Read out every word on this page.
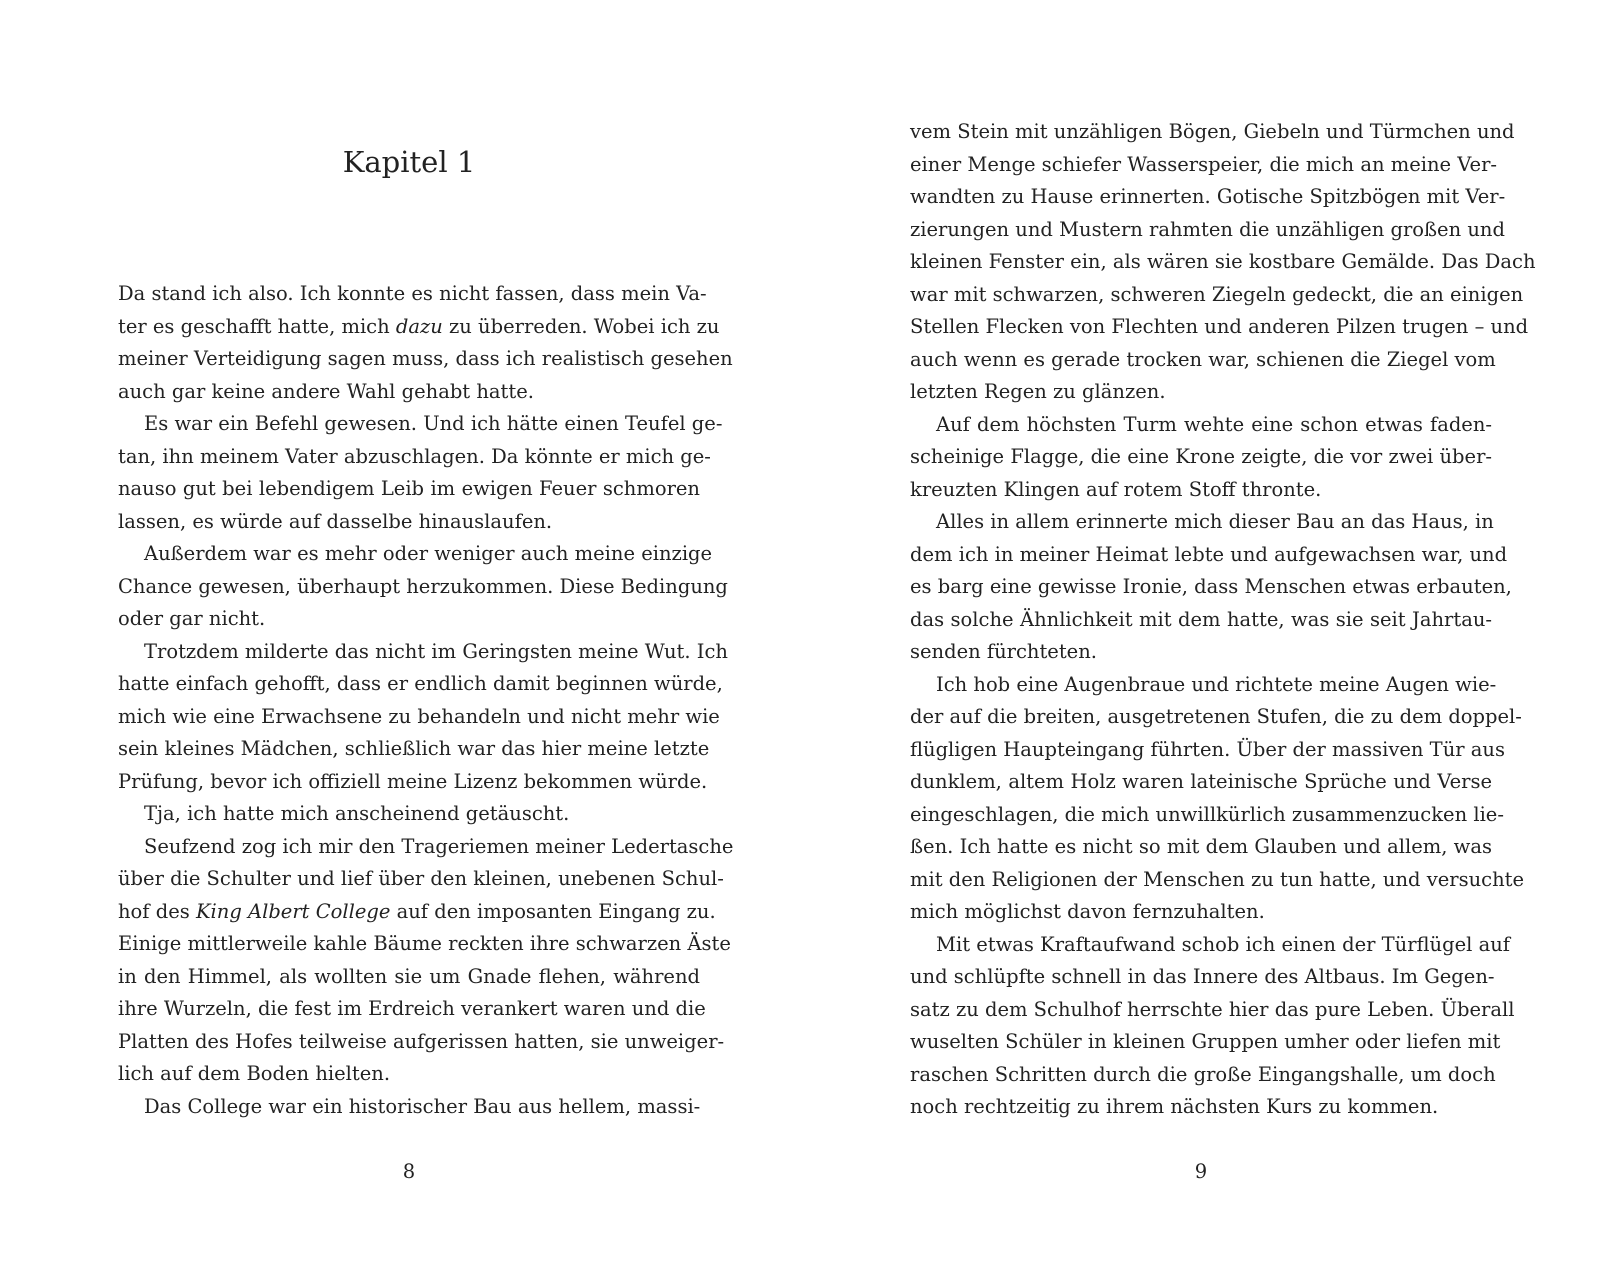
Kapitel 1
Da stand ich also. Ich konnte es nicht fassen, dass mein Va-
ter es geschafft hatte, mich dazu zu überreden. Wobei ich zu
meiner Verteidigung sagen muss, dass ich realistisch gesehen
auch gar keine andere Wahl gehabt hatte.
Es war ein Befehl gewesen. Und ich hätte einen Teufel ge-
tan, ihn meinem Vater abzuschlagen. Da könnte er mich ge-
nauso gut bei lebendigem Leib im ewigen Feuer schmoren
lassen, es würde auf dasselbe hinauslaufen.
Außerdem war es mehr oder weniger auch meine einzige
Chance gewesen, überhaupt herzukommen. Diese Bedingung
oder gar nicht.
Trotzdem milderte das nicht im Geringsten meine Wut. Ich
hatte einfach gehofft, dass er endlich damit beginnen würde,
mich wie eine Erwachsene zu behandeln und nicht mehr wie
sein kleines Mädchen, schließlich war das hier meine letzte
Prüfung, bevor ich offiziell meine Lizenz bekommen würde.
Tja, ich hatte mich anscheinend getäuscht.
Seufzend zog ich mir den Trageriemen meiner Ledertasche
über die Schulter und lief über den kleinen, unebenen Schul-
hof des King Albert College auf den imposanten Eingang zu.
Einige mittlerweile kahle Bäume reckten ihre schwarzen Äste
in den Himmel, als wollten sie um Gnade flehen, während
ihre Wurzeln, die fest im Erdreich verankert waren und die
Platten des Hofes teilweise aufgerissen hatten, sie unweiger-
lich auf dem Boden hielten.
Das College war ein historischer Bau aus hellem, massi-
8
vem Stein mit unzähligen Bögen, Giebeln und Türmchen und
einer Menge schiefer Wasserspeier, die mich an meine Ver-
wandten zu Hause erinnerten. Gotische Spitzbögen mit Ver-
zierungen und Mustern rahmten die unzähligen großen und
kleinen Fenster ein, als wären sie kostbare Gemälde. Das Dach
war mit schwarzen, schweren Ziegeln gedeckt, die an einigen
Stellen Flecken von Flechten und anderen Pilzen trugen – und
auch wenn es gerade trocken war, schienen die Ziegel vom
letzten Regen zu glänzen.
Auf dem höchsten Turm wehte eine schon etwas faden-
scheinige Flagge, die eine Krone zeigte, die vor zwei über-
kreuzten Klingen auf rotem Stoff thronte.
Alles in allem erinnerte mich dieser Bau an das Haus, in
dem ich in meiner Heimat lebte und aufgewachsen war, und
es barg eine gewisse Ironie, dass Menschen etwas erbauten,
das solche Ähnlichkeit mit dem hatte, was sie seit Jahrtau-
senden fürchteten.
Ich hob eine Augenbraue und richtete meine Augen wie-
der auf die breiten, ausgetretenen Stufen, die zu dem doppel-
flügligen Haupteingang führten. Über der massiven Tür aus
dunklem, altem Holz waren lateinische Sprüche und Verse
eingeschlagen, die mich unwillkürlich zusammenzucken lie-
ßen. Ich hatte es nicht so mit dem Glauben und allem, was
mit den Religionen der Menschen zu tun hatte, und versuchte
mich möglichst davon fernzuhalten.
Mit etwas Kraftaufwand schob ich einen der Türflügel auf
und schlüpfte schnell in das Innere des Altbaus. Im Gegen-
satz zu dem Schulhof herrschte hier das pure Leben. Überall
wuselten Schüler in kleinen Gruppen umher oder liefen mit
raschen Schritten durch die große Eingangshalle, um doch
noch rechtzeitig zu ihrem nächsten Kurs zu kommen.
9
